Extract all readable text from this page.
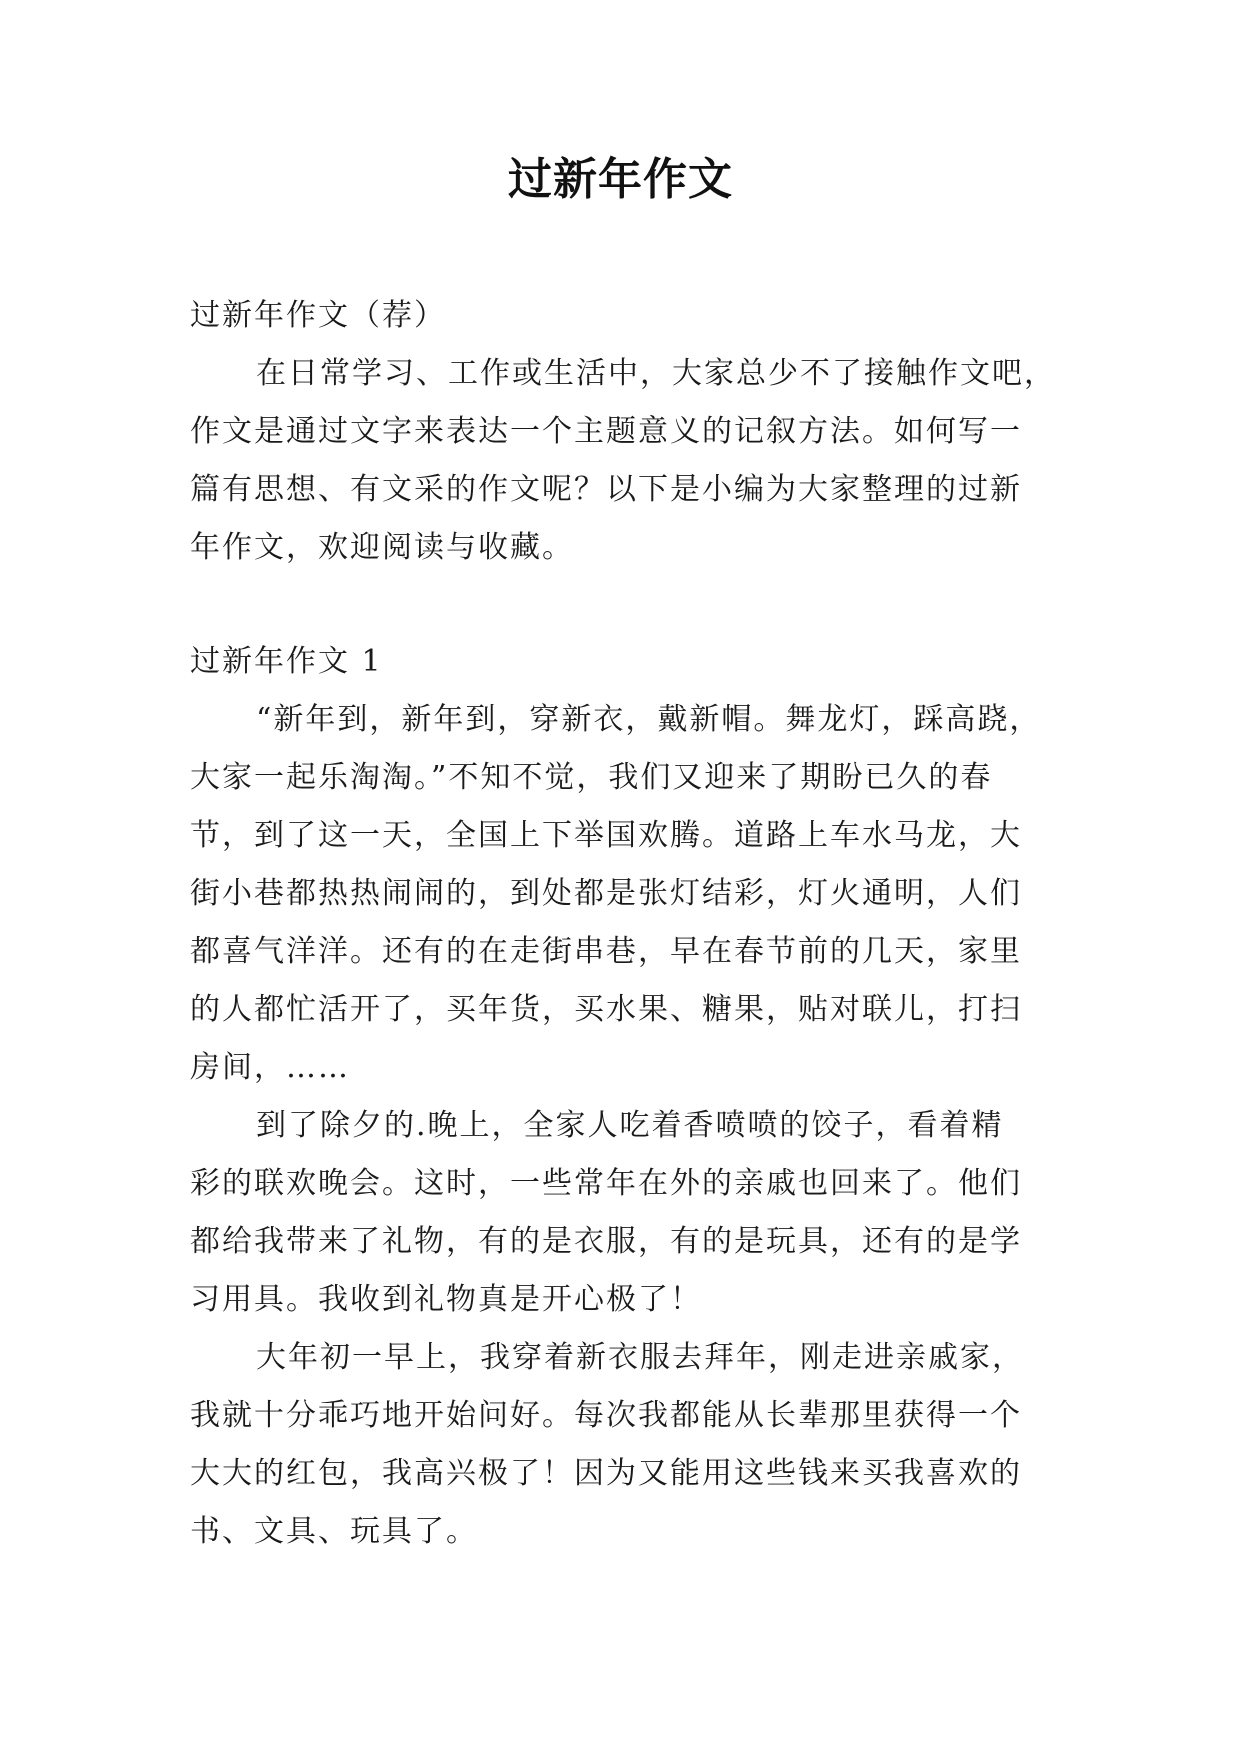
过新年作文
过新年作文（荐）
在日常学习、工作或生活中，大家总少不了接触作文吧，
作文是通过文字来表达一个主题意义的记叙方法。如何写一
篇有思想、有文采的作文呢？以下是小编为大家整理的过新
年作文，欢迎阅读与收藏。
过新年作文 1
“新年到，新年到，穿新衣，戴新帽。舞龙灯，踩高跷，
大家一起乐淘淘。”不知不觉，我们又迎来了期盼已久的春
节，到了这一天，全国上下举国欢腾。道路上车水马龙，大
街小巷都热热闹闹的，到处都是张灯结彩，灯火通明，人们
都喜气洋洋。还有的在走街串巷，早在春节前的几天，家里
的人都忙活开了，买年货，买水果、糖果，贴对联儿，打扫
房间，……
到了除夕的.晚上，全家人吃着香喷喷的饺子，看着精
彩的联欢晚会。这时，一些常年在外的亲戚也回来了。他们
都给我带来了礼物，有的是衣服，有的是玩具，还有的是学
习用具。我收到礼物真是开心极了！
大年初一早上，我穿着新衣服去拜年，刚走进亲戚家，
我就十分乖巧地开始问好。每次我都能从长辈那里获得一个
大大的红包，我高兴极了！因为又能用这些钱来买我喜欢的
书、文具、玩具了。
